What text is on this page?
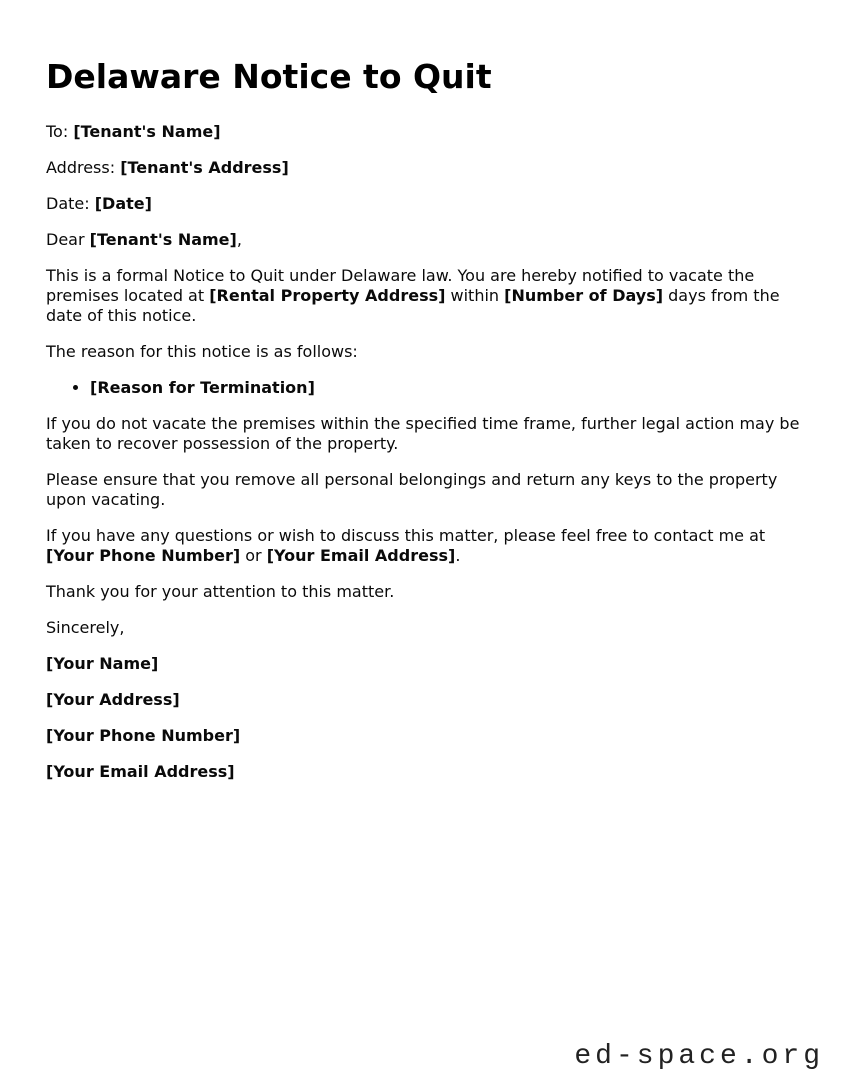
Delaware Notice to Quit

To: [Tenant's Name]

Address: [Tenant's Address]

Date: [Date]

Dear [Tenant's Name],

This is a formal Notice to Quit under Delaware law. You are hereby notified to vacate the premises located at [Rental Property Address] within [Number of Days] days from the date of this notice.

The reason for this notice is as follows:

• [Reason for Termination]

If you do not vacate the premises within the specified time frame, further legal action may be taken to recover possession of the property.

Please ensure that you remove all personal belongings and return any keys to the property upon vacating.

If you have any questions or wish to discuss this matter, please feel free to contact me at [Your Phone Number] or [Your Email Address].

Thank you for your attention to this matter.

Sincerely,

[Your Name]
[Your Address]
[Your Phone Number]
[Your Email Address]
ed-space.org
